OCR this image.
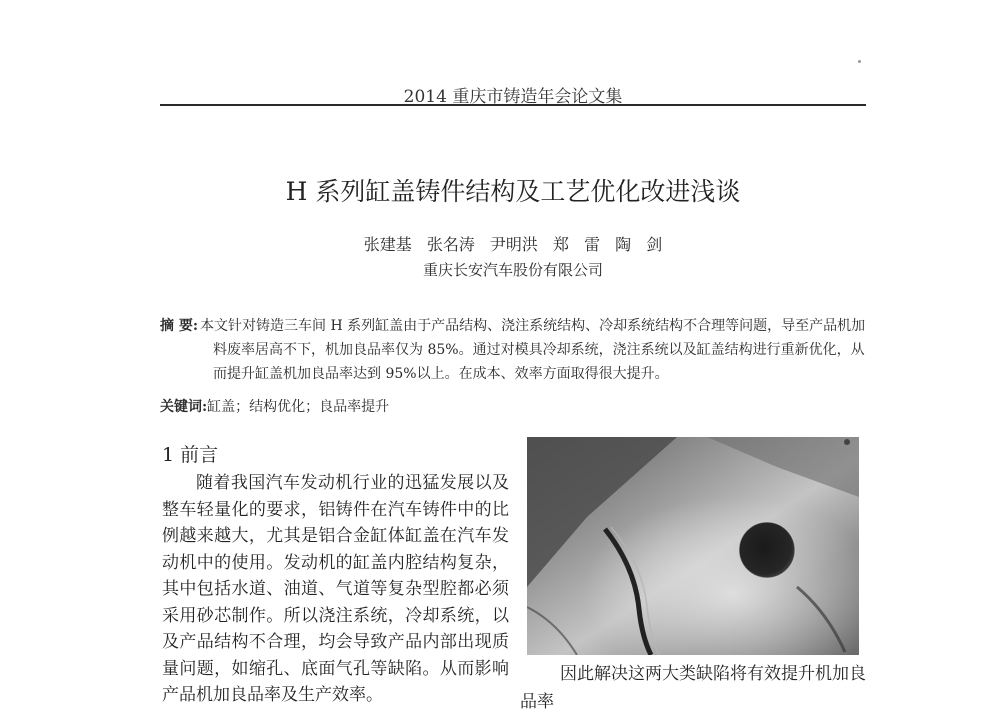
2014 重庆市铸造年会论文集
H 系列缸盖铸件结构及工艺优化改进浅谈
张建基 张名涛 尹明洪 郑 雷 陶 剑
重庆长安汽车股份有限公司
摘 要: 本文针对铸造三车间 H 系列缸盖由于产品结构、浇注系统结构、冷却系统结构不合理等问题，导至产品机加料废率居高不下，机加良品率仅为 85%。通过对模具冷却系统，浇注系统以及缸盖结构进行重新优化，从而提升缸盖机加良品率达到 95%以上。在成本、效率方面取得很大提升。
关键词:缸盖；结构优化；良品率提升
1 前言
随着我国汽车发动机行业的迅猛发展以及整车轻量化的要求，铝铸件在汽车铸件中的比例越来越大，尤其是铝合金缸体缸盖在汽车发动机中的使用。发动机的缸盖内腔结构复杂，其中包括水道、油道、气道等复杂型腔都必须采用砂芯制作。所以浇注系统，冷却系统，以及产品结构不合理，均会导致产品内部出现质量问题，如缩孔、底面气孔等缺陷。从而影响产品机加良品率及生产效率。
因此解决这两大类缺陷将有效提升机加良
品率
